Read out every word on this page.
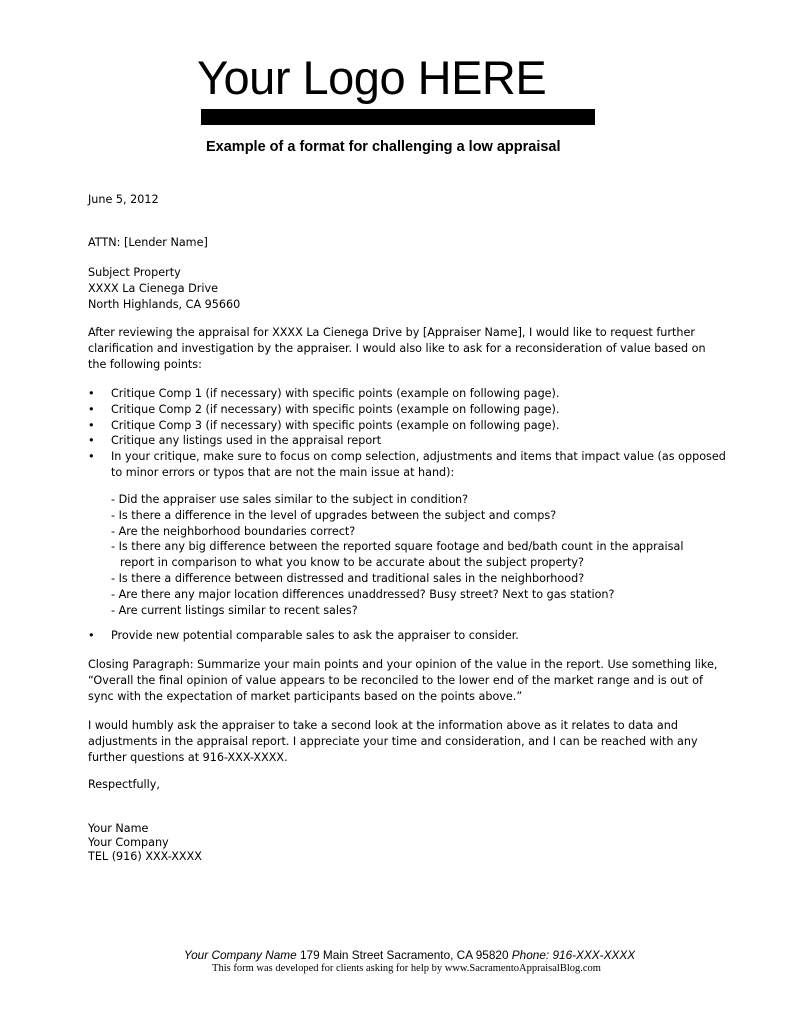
Your Logo HERE
Example of a format for challenging a low appraisal
June 5, 2012
ATTN: [Lender Name]
Subject Property
XXXX La Cienega Drive
North Highlands, CA 95660
After reviewing the appraisal for XXXX La Cienega Drive by [Appraiser Name], I would like to request further clarification and investigation by the appraiser. I would also like to ask for a reconsideration of value based on the following points:
• Critique Comp 1 (if necessary) with specific points (example on following page).
• Critique Comp 2 (if necessary) with specific points (example on following page).
• Critique Comp 3 (if necessary) with specific points (example on following page).
• Critique any listings used in the appraisal report
• In your critique, make sure to focus on comp selection, adjustments and items that impact value (as opposed to minor errors or typos that are not the main issue at hand):
- Did the appraiser use sales similar to the subject in condition?
- Is there a difference in the level of upgrades between the subject and comps?
- Are the neighborhood boundaries correct?
- Is there any big difference between the reported square footage and bed/bath count in the appraisal report in comparison to what you know to be accurate about the subject property?
- Is there a difference between distressed and traditional sales in the neighborhood?
- Are there any major location differences unaddressed? Busy street? Next to gas station?
- Are current listings similar to recent sales?
• Provide new potential comparable sales to ask the appraiser to consider.
Closing Paragraph: Summarize your main points and your opinion of the value in the report. Use something like, “Overall the final opinion of value appears to be reconciled to the lower end of the market range and is out of sync with the expectation of market participants based on the points above.”
I would humbly ask the appraiser to take a second look at the information above as it relates to data and adjustments in the appraisal report. I appreciate your time and consideration, and I can be reached with any further questions at 916-XXX-XXXX.
Respectfully,
Your Name
Your Company
TEL (916) XXX-XXXX
Your Company Name 179 Main Street Sacramento, CA 95820 Phone: 916-XXX-XXXX
This form was developed for clients asking for help by www.SacramentoAppraisalBlog.com
